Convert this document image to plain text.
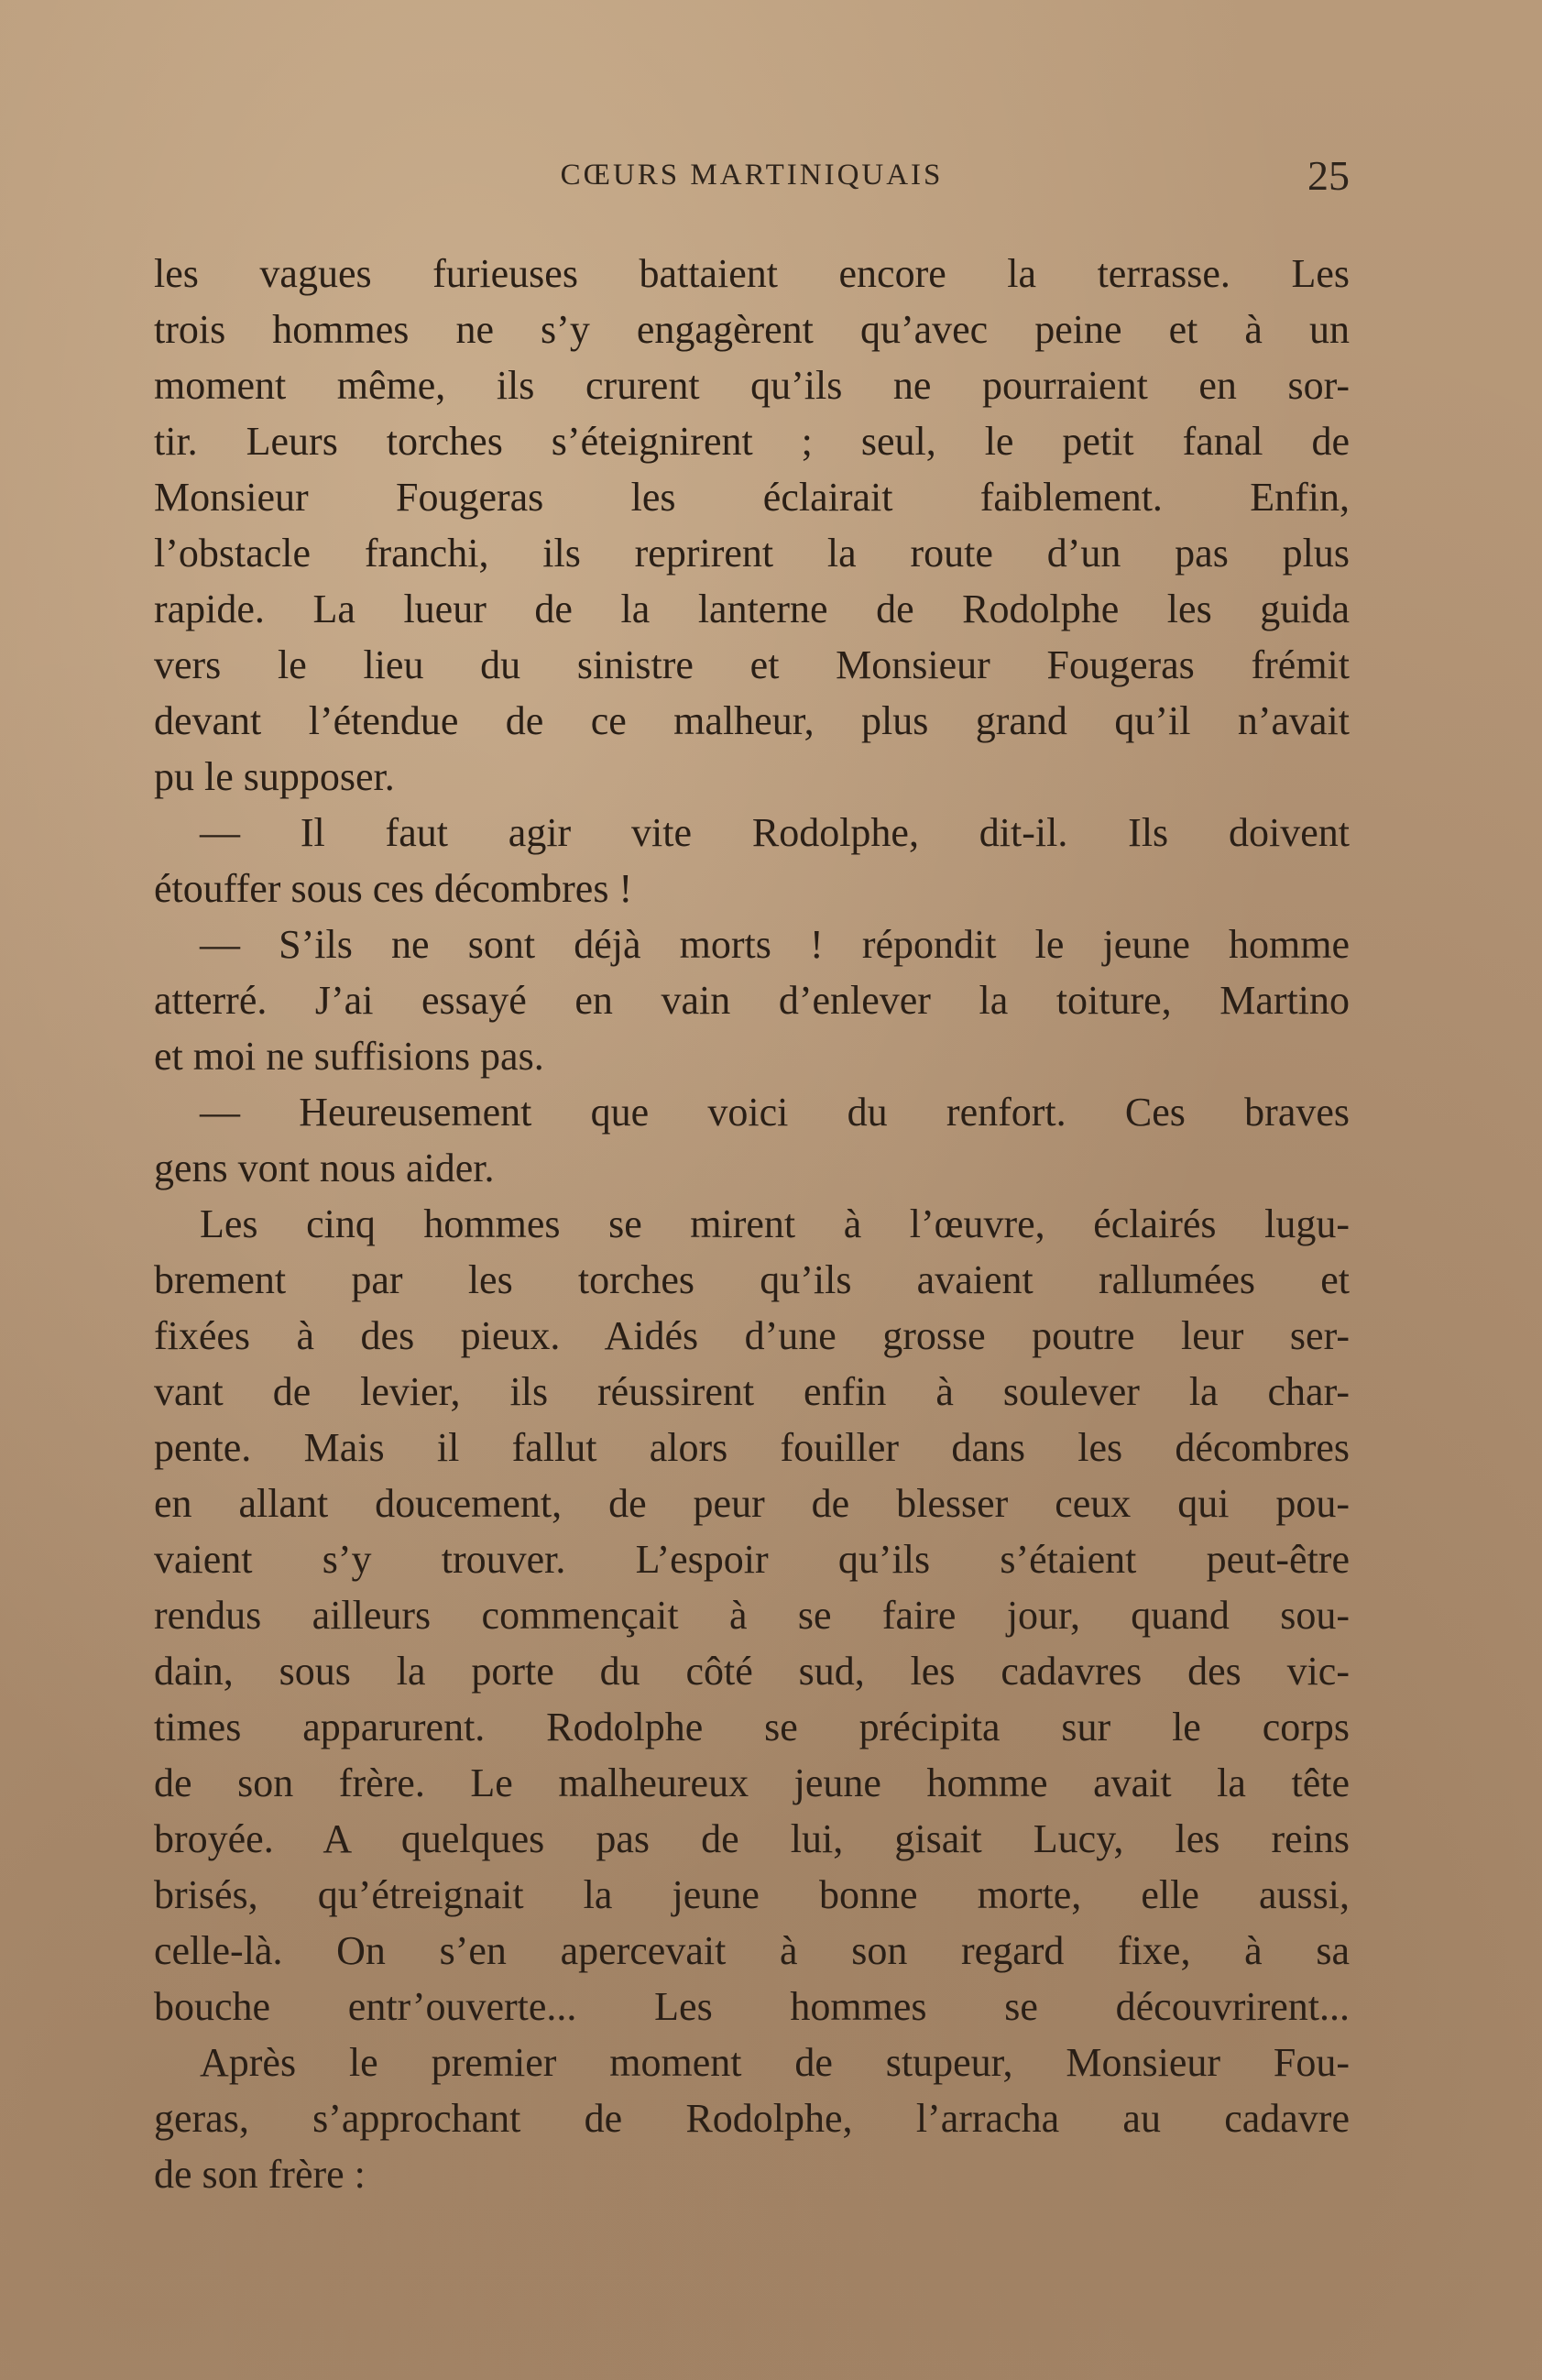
CŒURS MARTINIQUAIS	25
les vagues furieuses battaient encore la terrasse. Les
trois hommes ne s’y engagèrent qu’avec peine et à un
moment même, ils crurent qu’ils ne pourraient en sor-
tir. Leurs torches s’éteignirent ; seul, le petit fanal de
Monsieur Fougeras les éclairait faiblement. Enfin,
l’obstacle franchi, ils reprirent la route d’un pas plus
rapide. La lueur de la lanterne de Rodolphe les guida
vers le lieu du sinistre et Monsieur Fougeras frémit
devant l’étendue de ce malheur, plus grand qu’il n’avait
pu le supposer.
— Il faut agir vite Rodolphe, dit-il. Ils doivent
étouffer sous ces décombres !
— S’ils ne sont déjà morts ! répondit le jeune homme
atterré. J’ai essayé en vain d’enlever la toiture, Martino
et moi ne suffisions pas.
— Heureusement que voici du renfort. Ces braves
gens vont nous aider.
Les cinq hommes se mirent à l’œuvre, éclairés lugu-
brement par les torches qu’ils avaient rallumées et
fixées à des pieux. Aidés d’une grosse poutre leur ser-
vant de levier, ils réussirent enfin à soulever la char-
pente. Mais il fallut alors fouiller dans les décombres
en allant doucement, de peur de blesser ceux qui pou-
vaient s’y trouver. L’espoir qu’ils s’étaient peut-être
rendus ailleurs commençait à se faire jour, quand sou-
dain, sous la porte du côté sud, les cadavres des vic-
times apparurent. Rodolphe se précipita sur le corps
de son frère. Le malheureux jeune homme avait la tête
broyée. A quelques pas de lui, gisait Lucy, les reins
brisés, qu’étreignait la jeune bonne morte, elle aussi,
celle-là. On s’en apercevait à son regard fixe, à sa
bouche entr’ouverte... Les hommes se découvrirent...
Après le premier moment de stupeur, Monsieur Fou-
geras, s’approchant de Rodolphe, l’arracha au cadavre
de son frère :
